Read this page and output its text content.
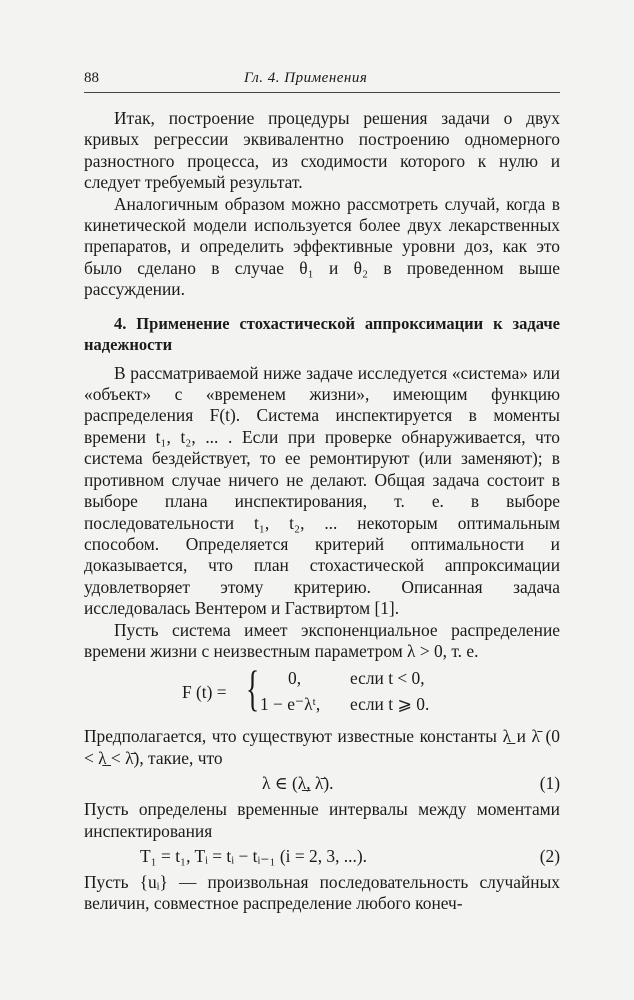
88	Гл. 4. Применения

Итак, построение процедуры решения задачи о двух кривых регрессии эквивалентно построению одномерного разностного процесса, из сходимости которого к нулю и следует требуемый результат.

Аналогичным образом можно рассмотреть случай, когда в кинетической модели используется более двух лекарственных препаратов, и определить эффективные уровни доз, как это было сделано в случае θ₁ и θ₂ в проведенном выше рассуждении.

4. Применение стохастической аппроксимации к задаче надежности

В рассматриваемой ниже задаче исследуется «система» или «объект» с «временем жизни», имеющим функцию распределения F(t). Система инспектируется в моменты времени t₁, t₂, ... . Если при проверке обнаруживается, что система бездействует, то ее ремонтируют (или заменяют); в противном случае ничего не делают. Общая задача состоит в выборе плана инспектирования, т. е. в выборе последовательности t₁, t₂, ... некоторым оптимальным способом. Определяется критерий оптимальности и доказывается, что план стохастической аппроксимации удовлетворяет этому критерию. Описанная задача исследовалась Вентером и Гаствиртом [1].

Пусть система имеет экспоненциальное распределение времени жизни с неизвестным параметром λ > 0, т. е.

F (t) = { 0,	если t < 0,
1 − e⁻λᵗ, если t ⩾ 0.

Предполагается, что существуют известные константы λ̲ и λ̄ (0 < λ̲ < λ̄), такие, что

λ ∈ (λ̲, λ̄).	(1)

Пусть определены временные интервалы между моментами инспектирования

T₁ = t₁, Tᵢ = tᵢ − tᵢ₋₁ (i = 2, 3, ...).	(2)

Пусть {uᵢ} — произвольная последовательность случайных величин, совместное распределение любого конеч-
